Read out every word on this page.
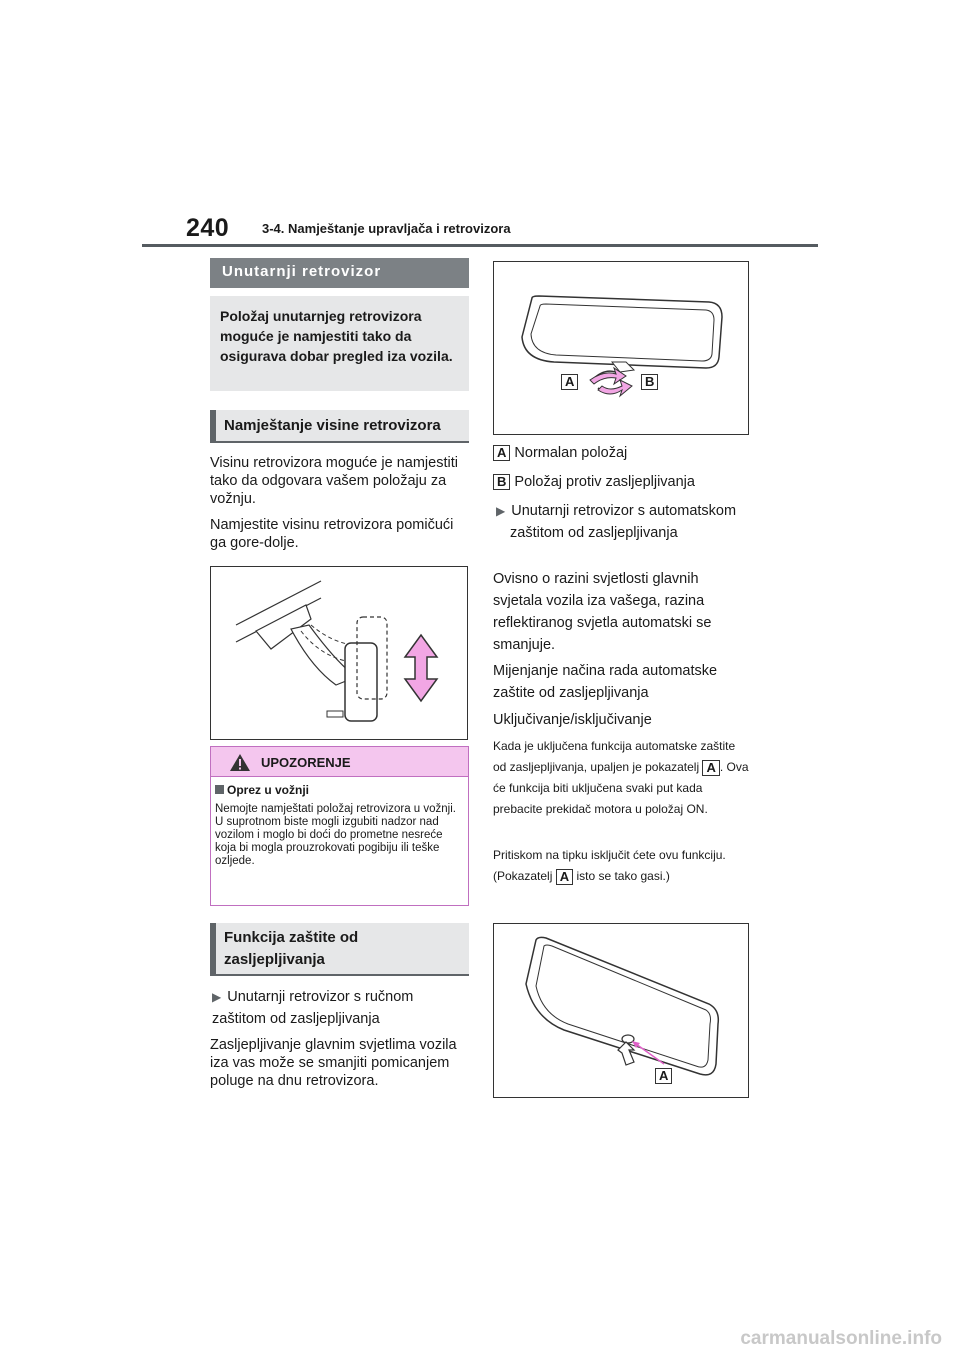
240	3-4. Namještanje upravljača i retrovizora
Unutarnji retrovizor
Položaj unutarnjeg retrovizora moguće je namjestiti tako da osigurava dobar pregled iza vozila.
Namještanje visine retrovizora
Visinu retrovizora moguće je namjestiti tako da odgovara vašem položaju za vožnju.
Namjestite visinu retrovizora pomičući ga gore-dolje.
UPOZORENJE
Oprez u vožnji
Nemojte namještati položaj retrovizora u vožnji.
U suprotnom biste mogli izgubiti nadzor nad vozilom i moglo bi doći do prometne nesreće koja bi mogla prouzrokovati pogibiju ili teške ozljede.
Funkcija zaštite od zasljepljivanja
▶ Unutarnji retrovizor s ručnom zaštitom od zasljepljivanja
Zasljepljivanje glavnim svjetlima vozila iza vas može se smanjiti pomicanjem poluge na dnu retrovizora.
A	B
A Normalan položaj
B Položaj protiv zasljepljivanja
▶ Unutarnji retrovizor s automatskom zaštitom od zasljepljivanja
Ovisno o razini svjetlosti glavnih svjetala vozila iza vašega, razina reflektiranog svjetla automatski se smanjuje.
Mijenjanje načina rada automatske zaštite od zasljepljivanja
Uključivanje/isključivanje
Kada je uključena funkcija automatske zaštite od zasljepljivanja, upaljen je pokazatelj A . Ova će funkcija biti uključena svaki put kada prebacite prekidač motora u položaj ON.
Pritiskom na tipku isključit ćete ovu funkciju. (Pokazatelj A isto se tako gasi.)
A
carmanualsonline.info
